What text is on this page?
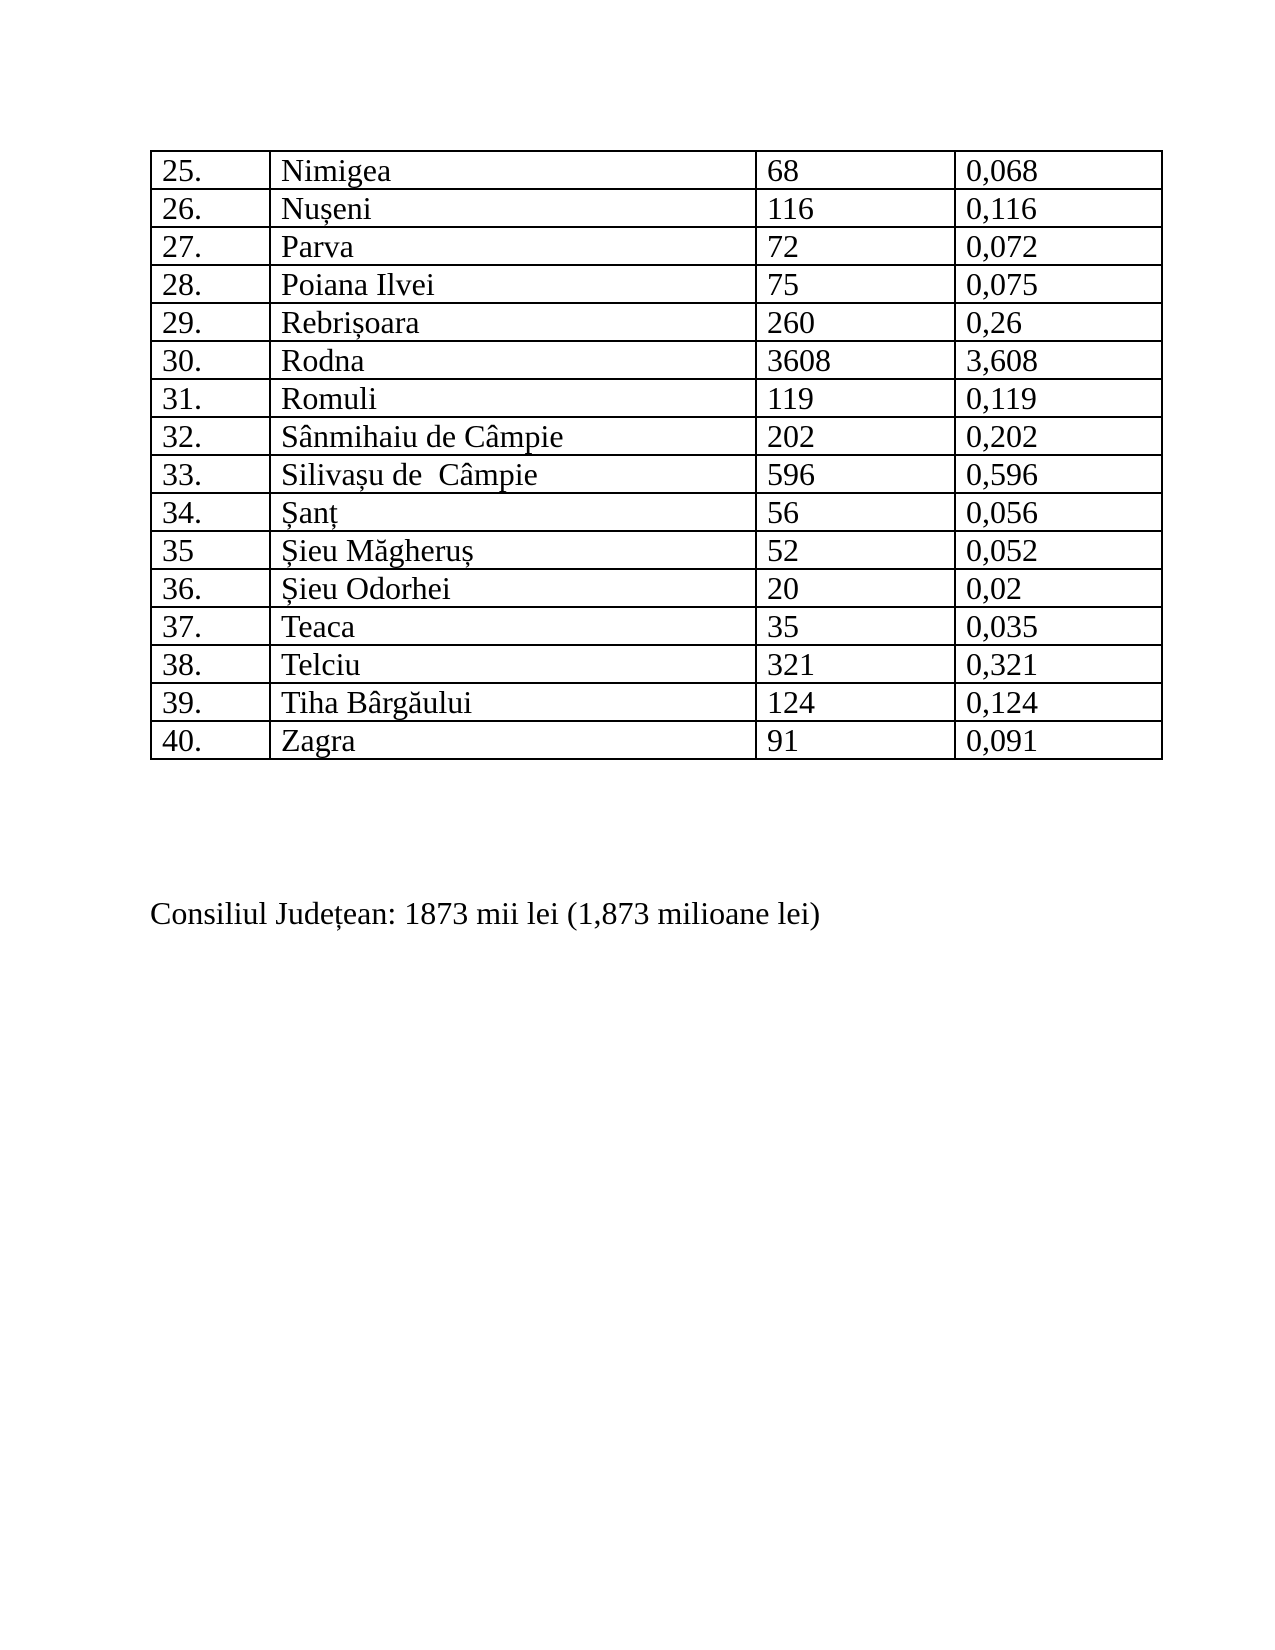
25.	Nimigea	68	0,068
26.	Nușeni	116	0,116
27.	Parva	72	0,072
28.	Poiana Ilvei	75	0,075
29.	Rebrișoara	260	0,26
30.	Rodna	3608	3,608
31.	Romuli	119	0,119
32.	Sânmihaiu de Câmpie	202	0,202
33.	Silivașu de  Câmpie	596	0,596
34.	Șanț	56	0,056
35	Șieu Măgheruș	52	0,052
36.	Șieu Odorhei	20	0,02
37.	Teaca	35	0,035
38.	Telciu	321	0,321
39.	Tiha Bârgăului	124	0,124
40.	Zagra	91	0,091
Consiliul Județean: 1873 mii lei (1,873 milioane lei)
